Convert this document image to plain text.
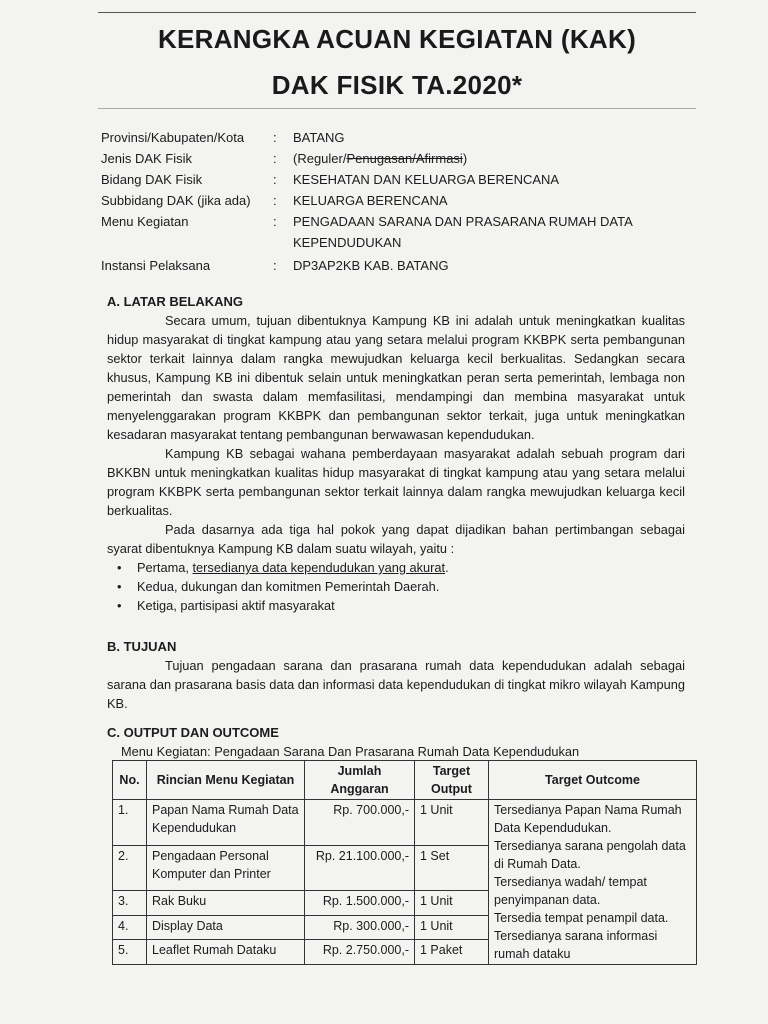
KERANGKA ACUAN KEGIATAN (KAK)
DAK FISIK TA.2020*
Provinsi/Kabupaten/Kota	:	BATANG
Jenis DAK Fisik	:	(Reguler/Penugasan/Afirmasi)
Bidang DAK Fisik	:	KESEHATAN DAN KELUARGA BERENCANA
Subbidang DAK (jika ada)	:	KELUARGA BERENCANA
Menu Kegiatan	:	PENGADAAN SARANA DAN PRASARANA RUMAH DATA KEPENDUDUKAN
Instansi Pelaksana	:	DP3AP2KB KAB. BATANG
A. LATAR BELAKANG

Secara umum, tujuan dibentuknya Kampung KB ini adalah untuk meningkatkan kualitas hidup masyarakat di tingkat kampung atau yang setara melalui program KKBPK serta pembangunan sektor terkait lainnya dalam rangka mewujudkan keluarga kecil berkualitas. Sedangkan secara khusus, Kampung KB ini dibentuk selain untuk meningkatkan peran serta pemerintah, lembaga non pemerintah dan swasta dalam memfasilitasi, mendampingi dan membina masyarakat untuk menyelenggarakan program KKBPK dan pembangunan sektor terkait, juga untuk meningkatkan kesadaran masyarakat tentang pembangunan berwawasan kependudukan.

Kampung KB sebagai wahana pemberdayaan masyarakat adalah sebuah program dari BKKBN untuk meningkatkan kualitas hidup masyarakat di tingkat kampung atau yang setara melalui program KKBPK serta pembangunan sektor terkait lainnya dalam rangka mewujudkan keluarga kecil berkualitas.

Pada dasarnya ada tiga hal pokok yang dapat dijadikan bahan pertimbangan sebagai syarat dibentuknya Kampung KB dalam suatu wilayah, yaitu :

• Pertama, tersedianya data kependudukan yang akurat.
• Kedua, dukungan dan komitmen Pemerintah Daerah.
• Ketiga, partisipasi aktif masyarakat
B. TUJUAN

Tujuan pengadaan sarana dan prasarana rumah data kependudukan adalah sebagai sarana dan prasarana basis data dan informasi data kependudukan di tingkat mikro wilayah Kampung KB.

C. OUTPUT DAN OUTCOME
Menu Kegiatan: Pengadaan Sarana Dan Prasarana Rumah Data Kependudukan
No.	Rincian Menu Kegiatan	Jumlah Anggaran	Target Output	Target Outcome
1.	Papan Nama Rumah Data Kependudukan	Rp. 700.000,-	1 Unit	Tersedianya Papan Nama Rumah Data Kependudukan.
Tersedianya sarana pengolah data di Rumah Data.
Tersedianya wadah/ tempat penyimpanan data.
Tersedia tempat penampil data.
Tersedianya sarana informasi rumah dataku

2.	Pengadaan Personal Komputer dan Printer	Rp. 21.100.000,-	1 Set	
3.	Rak Buku	Rp. 1.500.000,-	1 Unit	
4.	Display Data	Rp. 300.000,-	1 Unit	
5.	Leaflet Rumah Dataku	Rp. 2.750.000,-	1 Paket	
